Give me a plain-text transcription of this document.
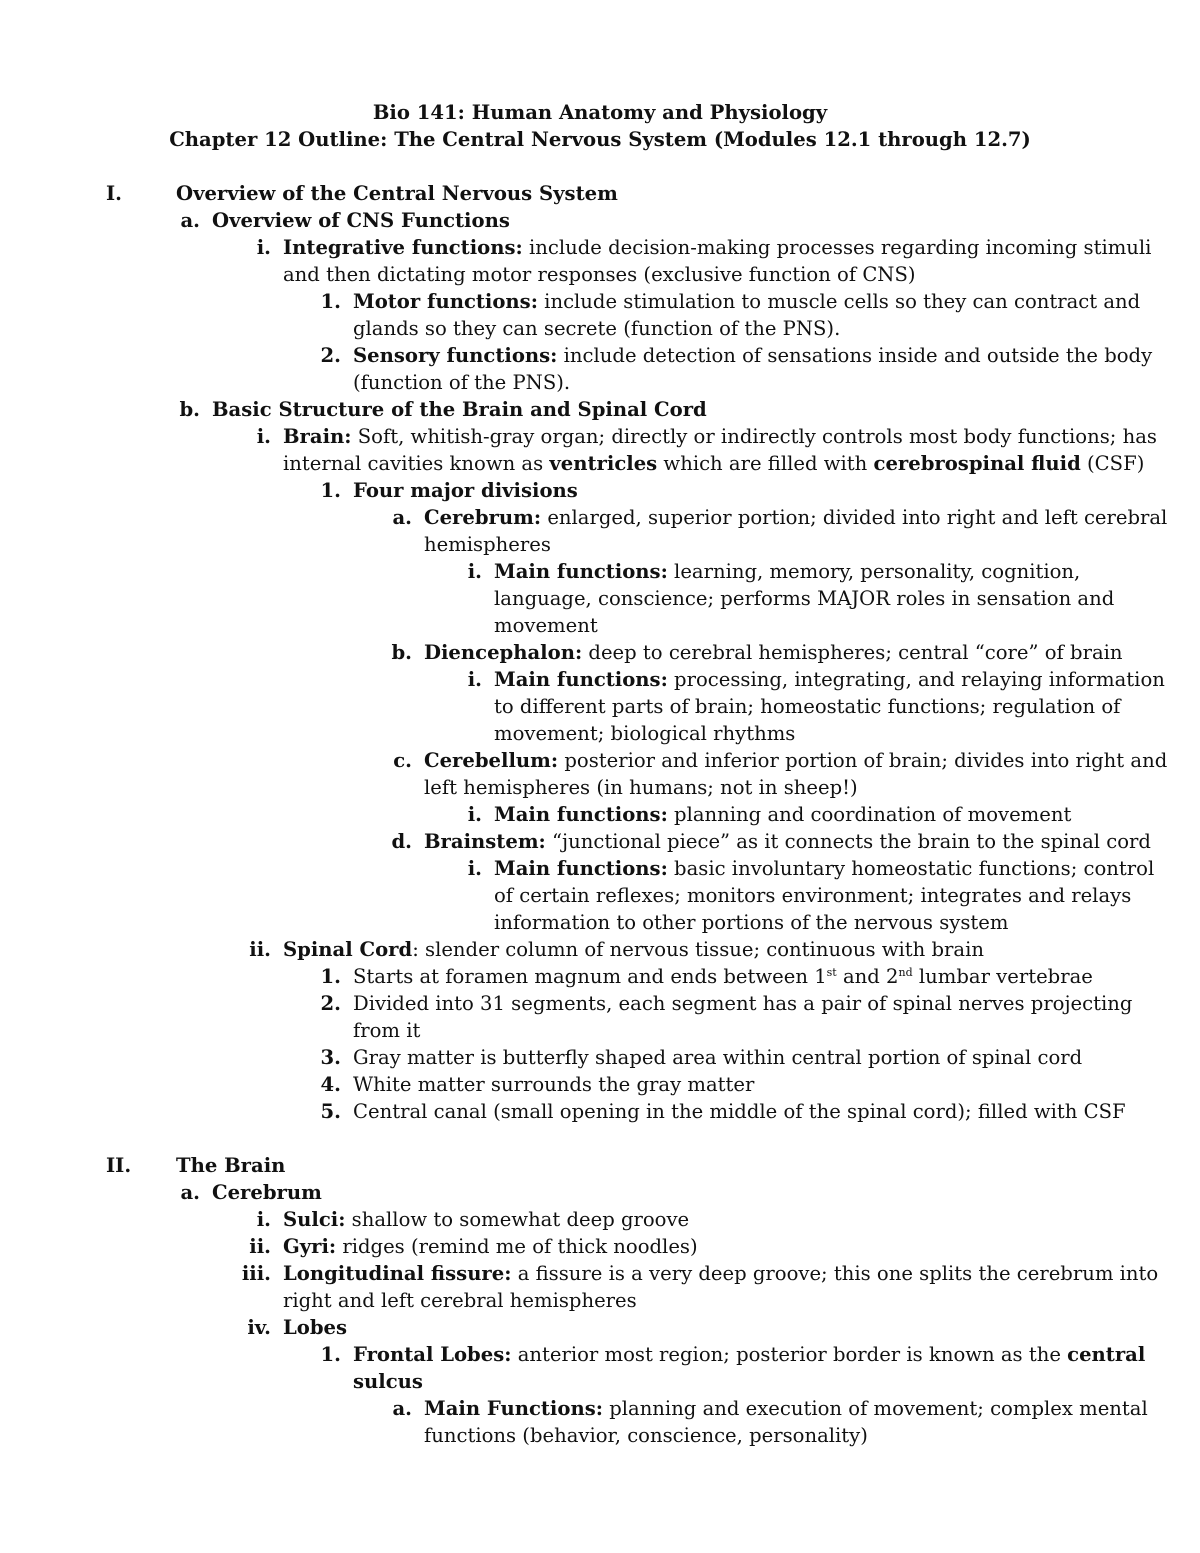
Bio 141: Human Anatomy and Physiology
Chapter 12 Outline: The Central Nervous System (Modules 12.1 through 12.7)
I.	Overview of the Central Nervous System
a. Overview of CNS Functions
i. Integrative functions: include decision-making processes regarding incoming stimuli
and then dictating motor responses (exclusive function of CNS)
1. Motor functions: include stimulation to muscle cells so they can contract and
glands so they can secrete (function of the PNS).
2. Sensory functions: include detection of sensations inside and outside the body
(function of the PNS).
b. Basic Structure of the Brain and Spinal Cord
i. Brain: Soft, whitish-gray organ; directly or indirectly controls most body functions; has
internal cavities known as ventricles which are filled with cerebrospinal fluid (CSF)
1. Four major divisions
a. Cerebrum: enlarged, superior portion; divided into right and left cerebral
hemispheres
i. Main functions: learning, memory, personality, cognition,
language, conscience; performs MAJOR roles in sensation and
movement
b. Diencephalon: deep to cerebral hemispheres; central “core” of brain
i. Main functions: processing, integrating, and relaying information
to different parts of brain; homeostatic functions; regulation of
movement; biological rhythms
c. Cerebellum: posterior and inferior portion of brain; divides into right and
left hemispheres (in humans; not in sheep!)
i. Main functions: planning and coordination of movement
d. Brainstem: “junctional piece” as it connects the brain to the spinal cord
i. Main functions: basic involuntary homeostatic functions; control
of certain reflexes; monitors environment; integrates and relays
information to other portions of the nervous system
ii. Spinal Cord: slender column of nervous tissue; continuous with brain
1. Starts at foramen magnum and ends between 1st and 2nd lumbar vertebrae
2. Divided into 31 segments, each segment has a pair of spinal nerves projecting
from it
3. Gray matter is butterfly shaped area within central portion of spinal cord
4. White matter surrounds the gray matter
5. Central canal (small opening in the middle of the spinal cord); filled with CSF
II.	The Brain
a. Cerebrum
i. Sulci: shallow to somewhat deep groove
ii. Gyri: ridges (remind me of thick noodles)
iii. Longitudinal fissure: a fissure is a very deep groove; this one splits the cerebrum into
right and left cerebral hemispheres
iv. Lobes
1. Frontal Lobes: anterior most region; posterior border is known as the central
sulcus
a. Main Functions: planning and execution of movement; complex mental
functions (behavior, conscience, personality)
